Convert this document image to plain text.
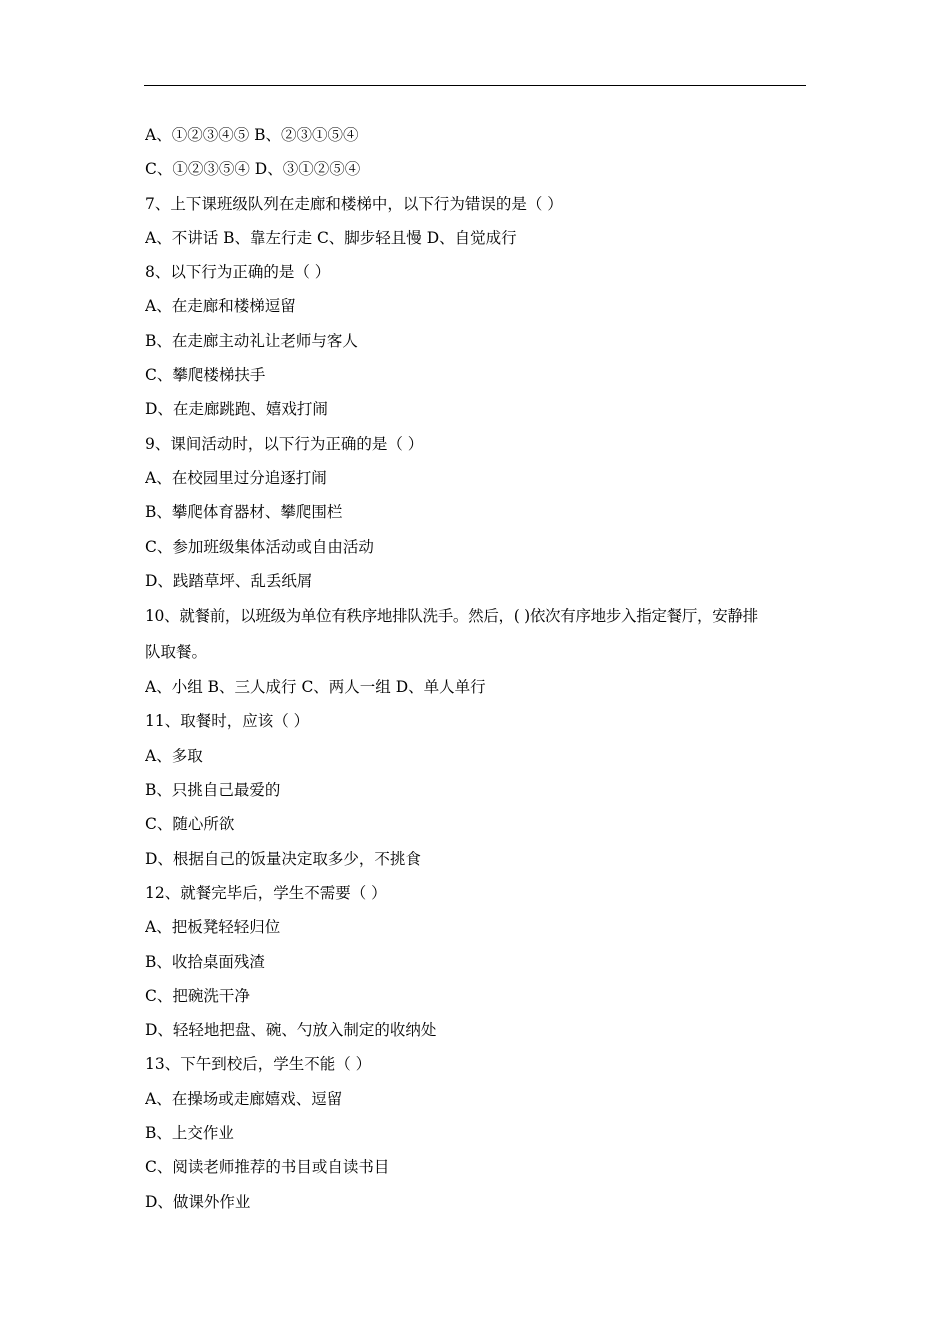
A、①②③④⑤ B、②③①⑤④
C、①②③⑤④ D、③①②⑤④
7、上下课班级队列在走廊和楼梯中，以下行为错误的是（ ）
A、不讲话 B、靠左行走 C、脚步轻且慢 D、自觉成行
8、以下行为正确的是（ ）
A、在走廊和楼梯逗留
B、在走廊主动礼让老师与客人
C、攀爬楼梯扶手
D、在走廊跳跑、嬉戏打闹
9、课间活动时，以下行为正确的是（ ）
A、在校园里过分追逐打闹
B、攀爬体育器材、攀爬围栏
C、参加班级集体活动或自由活动
D、践踏草坪、乱丢纸屑
10、就餐前，以班级为单位有秩序地排队洗手。然后，( )依次有序地步入指定餐厅，安静排
队取餐。
A、小组 B、三人成行 C、两人一组 D、单人单行
11、取餐时，应该（ ）
A、多取
B、只挑自己最爱的
C、随心所欲
D、根据自己的饭量决定取多少，不挑食
12、就餐完毕后，学生不需要（ ）
A、把板凳轻轻归位
B、收拾桌面残渣
C、把碗洗干净
D、轻轻地把盘、碗、勺放入制定的收纳处
13、下午到校后，学生不能（ ）
A、在操场或走廊嬉戏、逗留
B、上交作业
C、阅读老师推荐的书目或自读书目
D、做课外作业
